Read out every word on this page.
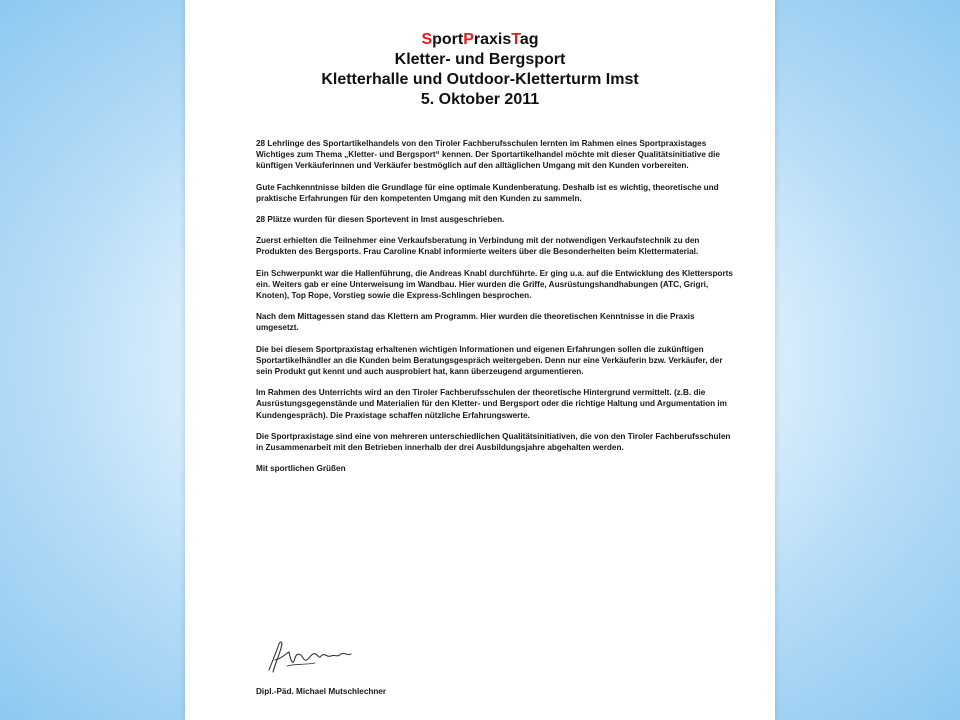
SportPraxisTag
Kletter- und Bergsport
Kletterhalle und Outdoor-Kletterturm Imst
5. Oktober 2011

28 Lehrlinge des Sportartikelhandels von den Tiroler Fachberufsschulen lernten im Rahmen eines Sportpraxistages Wichtiges zum Thema „Kletter- und Bergsport“ kennen. Der Sportartikelhandel möchte mit dieser Qualitätsinitiative die künftigen Verkäuferinnen und Verkäufer bestmöglich auf den alltäglichen Umgang mit den Kunden vorbereiten.

Gute Fachkenntnisse bilden die Grundlage für eine optimale Kundenberatung. Deshalb ist es wichtig, theoretische und praktische Erfahrungen für den kompetenten Umgang mit den Kunden zu sammeln.

28 Plätze wurden für diesen Sportevent in Imst ausgeschrieben.

Zuerst erhielten die Teilnehmer eine Verkaufsberatung in Verbindung mit der notwendigen Verkaufstechnik zu den Produkten des Bergsports. Frau Caroline Knabl informierte weiters über die Besonderheiten beim Klettermaterial.

Ein Schwerpunkt war die Hallenführung, die Andreas Knabl durchführte. Er ging u.a. auf die Entwicklung des Klettersports ein. Weiters gab er eine Unterweisung im Wandbau. Hier wurden die Griffe, Ausrüstungshandhabungen (ATC, Grigri, Knoten), Top Rope, Vorstieg sowie die Express-Schlingen besprochen.

Nach dem Mittagessen stand das Klettern am Programm. Hier wurden die theoretischen Kenntnisse in die Praxis umgesetzt.

Die bei diesem Sportpraxistag erhaltenen wichtigen Informationen und eigenen Erfahrungen sollen die zukünftigen Sportartikelhändler an die Kunden beim Beratungsgespräch weitergeben. Denn nur eine Verkäuferin bzw. Verkäufer, der sein Produkt gut kennt und auch ausprobiert hat, kann überzeugend argumentieren.

Im Rahmen des Unterrichts wird an den Tiroler Fachberufsschulen der theoretische Hintergrund vermittelt. (z.B. die Ausrüstungsgegenstände und Materialien für den Kletter- und Bergsport oder die richtige Haltung und Argumentation im Kundengespräch). Die Praxistage schaffen nützliche Erfahrungswerte.

Die Sportpraxistage sind eine von mehreren unterschiedlichen Qualitätsinitiativen, die von den Tiroler Fachberufsschulen in Zusammenarbeit mit den Betrieben innerhalb der drei Ausbildungsjahre abgehalten werden.

Mit sportlichen Grüßen

Dipl.-Päd. Michael Mutschlechner
